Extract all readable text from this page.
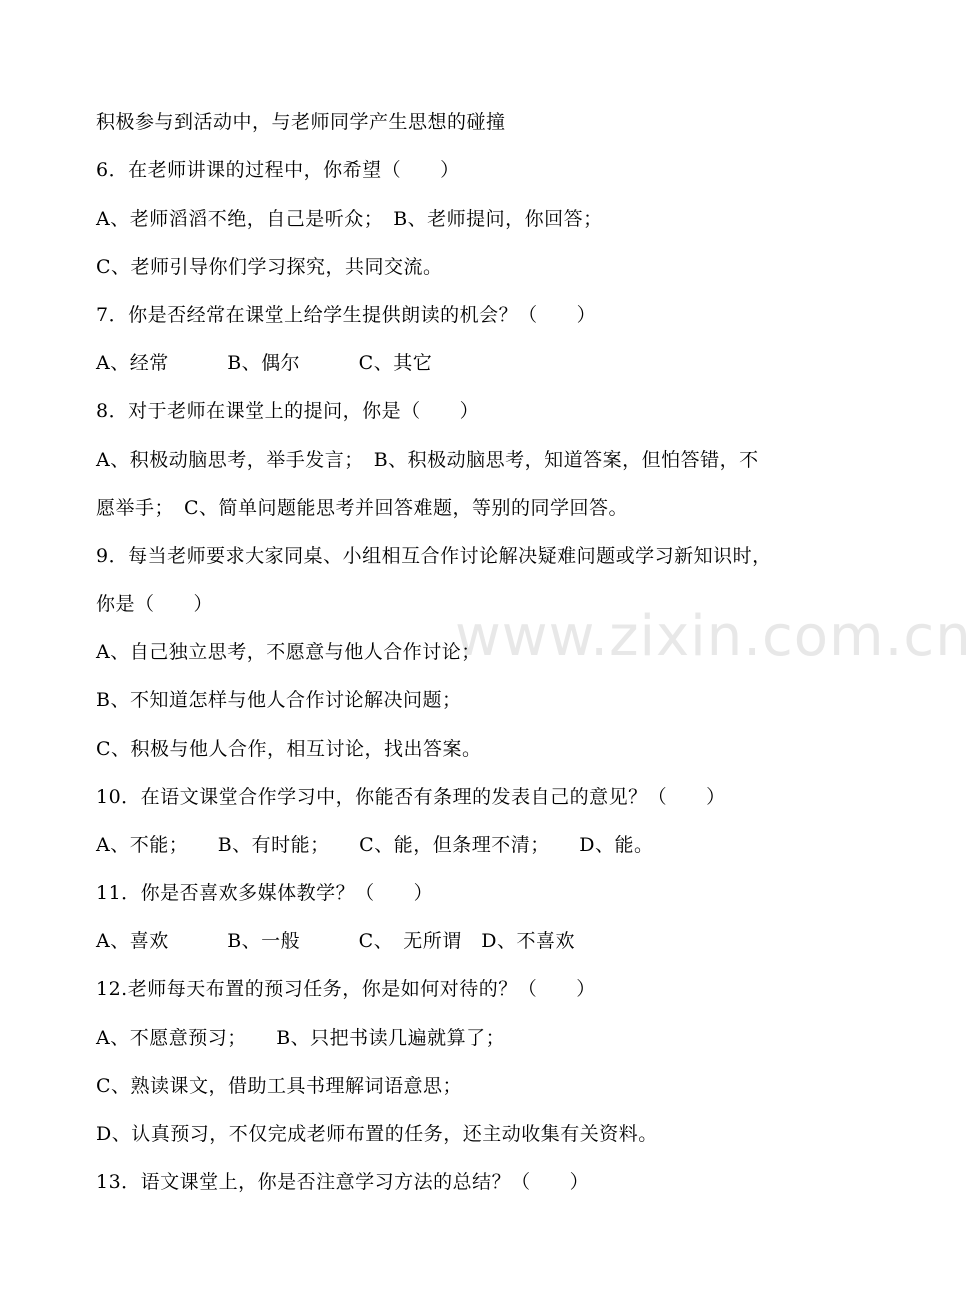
www.zixin.com.cn
积极参与到活动中，与老师同学产生思想的碰撞
6．在老师讲课的过程中，你希望（　　）
A、老师滔滔不绝，自己是听众；　B、老师提问，你回答；
C、老师引导你们学习探究，共同交流。
7．你是否经常在课堂上给学生提供朗读的机会？（　　）
A、经常　　　B、偶尔　　　C、其它
8．对于老师在课堂上的提问，你是（　　）
A、积极动脑思考，举手发言；　B、积极动脑思考，知道答案，但怕答错，不
愿举手；　C、简单问题能思考并回答难题，等别的同学回答。
9．每当老师要求大家同桌、小组相互合作讨论解决疑难问题或学习新知识时，
你是（　　）
A、自己独立思考，不愿意与他人合作讨论；
B、不知道怎样与他人合作讨论解决问题；
C、积极与他人合作，相互讨论，找出答案。
10．在语文课堂合作学习中，你能否有条理的发表自己的意见？（　　）
A、不能；　　B、有时能；　　C、能，但条理不清；　　D、能。
11．你是否喜欢多媒体教学？（　　）
A、喜欢　　　B、一般　　　C、　无所谓　D、不喜欢
12.老师每天布置的预习任务，你是如何对待的？（　　）
A、不愿意预习；　　B、只把书读几遍就算了；
C、熟读课文，借助工具书理解词语意思；
D、认真预习，不仅完成老师布置的任务，还主动收集有关资料。
13．语文课堂上，你是否注意学习方法的总结？（　　）
